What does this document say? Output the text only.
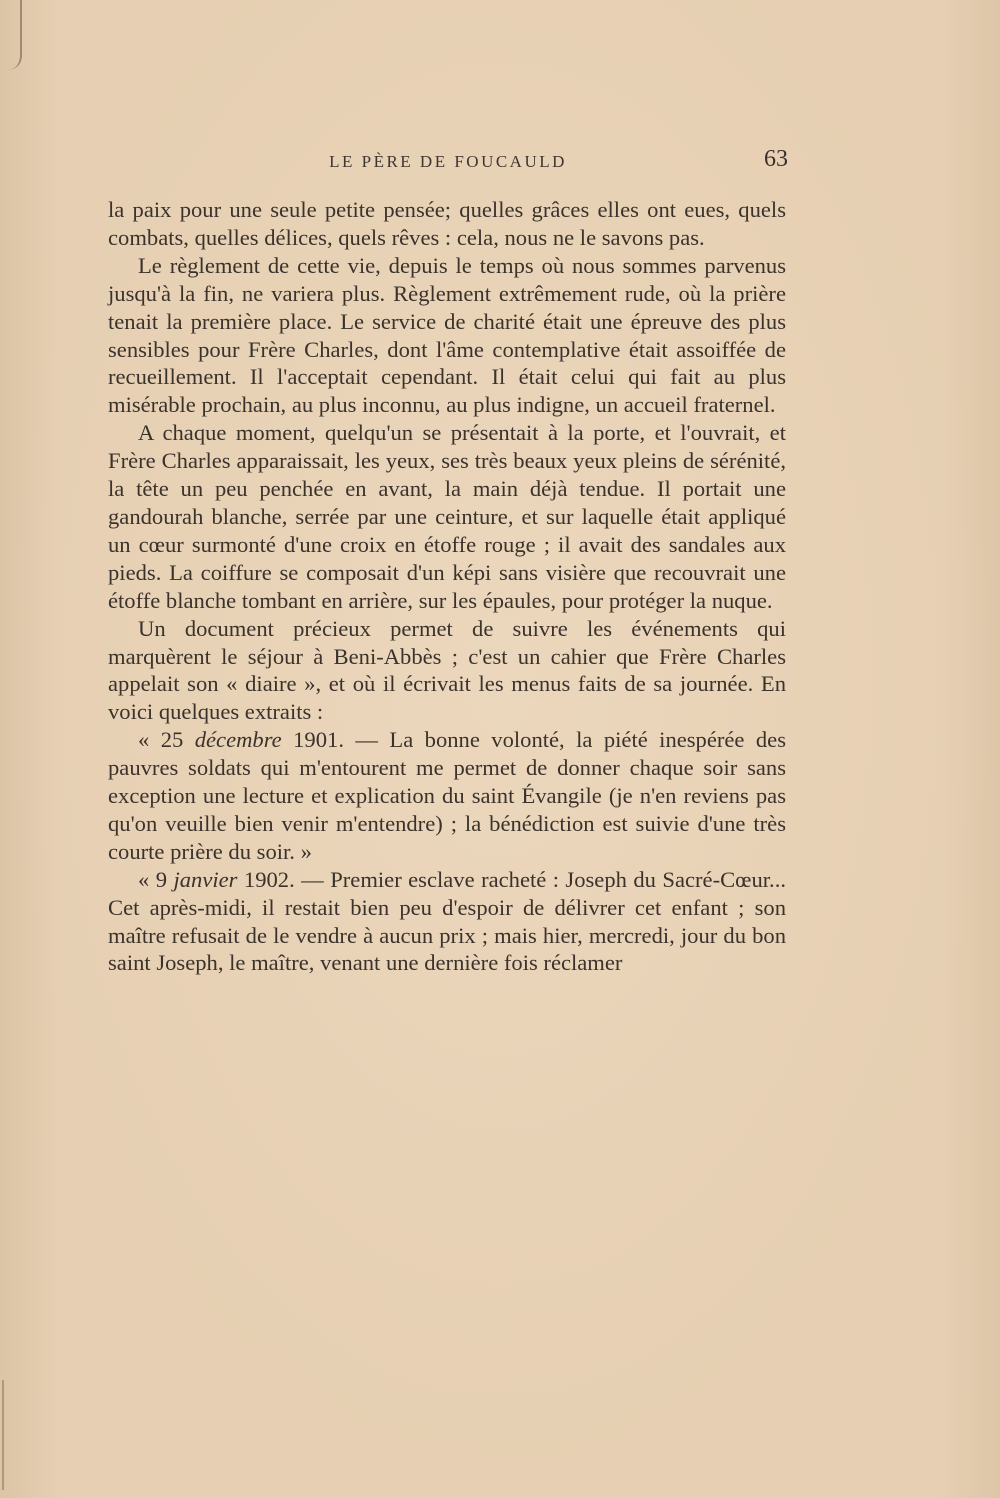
LE PÈRE DE FOUCAULD	63

la paix pour une seule petite pensée; quelles grâces elles ont eues, quels combats, quelles délices, quels rêves : cela, nous ne le savons pas.

Le règlement de cette vie, depuis le temps où nous sommes parvenus jusqu'à la fin, ne variera plus. Règlement extrêmement rude, où la prière tenait la première place. Le service de charité était une épreuve des plus sensibles pour Frère Charles, dont l'âme contemplative était assoiffée de recueillement. Il l'acceptait cependant. Il était celui qui fait au plus misérable prochain, au plus inconnu, au plus indigne, un accueil fraternel.

A chaque moment, quelqu'un se présentait à la porte, et l'ouvrait, et Frère Charles apparaissait, les yeux, ses très beaux yeux pleins de sérénité, la tête un peu penchée en avant, la main déjà tendue. Il portait une gandourah blanche, serrée par une ceinture, et sur laquelle était appliqué un cœur surmonté d'une croix en étoffe rouge ; il avait des sandales aux pieds. La coiffure se composait d'un képi sans visière que recouvrait une étoffe blanche tombant en arrière, sur les épaules, pour protéger la nuque.

Un document précieux permet de suivre les événements qui marquèrent le séjour à Beni-Abbès ; c'est un cahier que Frère Charles appelait son « diaire », et où il écrivait les menus faits de sa journée. En voici quelques extraits :

« 25 décembre 1901. — La bonne volonté, la piété inespérée des pauvres soldats qui m'entourent me permet de donner chaque soir sans exception une lecture et explication du saint Évangile (je n'en reviens pas qu'on veuille bien venir m'entendre) ; la bénédiction est suivie d'une très courte prière du soir. »

« 9 janvier 1902. — Premier esclave racheté : Joseph du Sacré-Cœur... Cet après-midi, il restait bien peu d'espoir de délivrer cet enfant ; son maître refusait de le vendre à aucun prix ; mais hier, mercredi, jour du bon saint Joseph, le maître, venant une dernière fois réclamer
